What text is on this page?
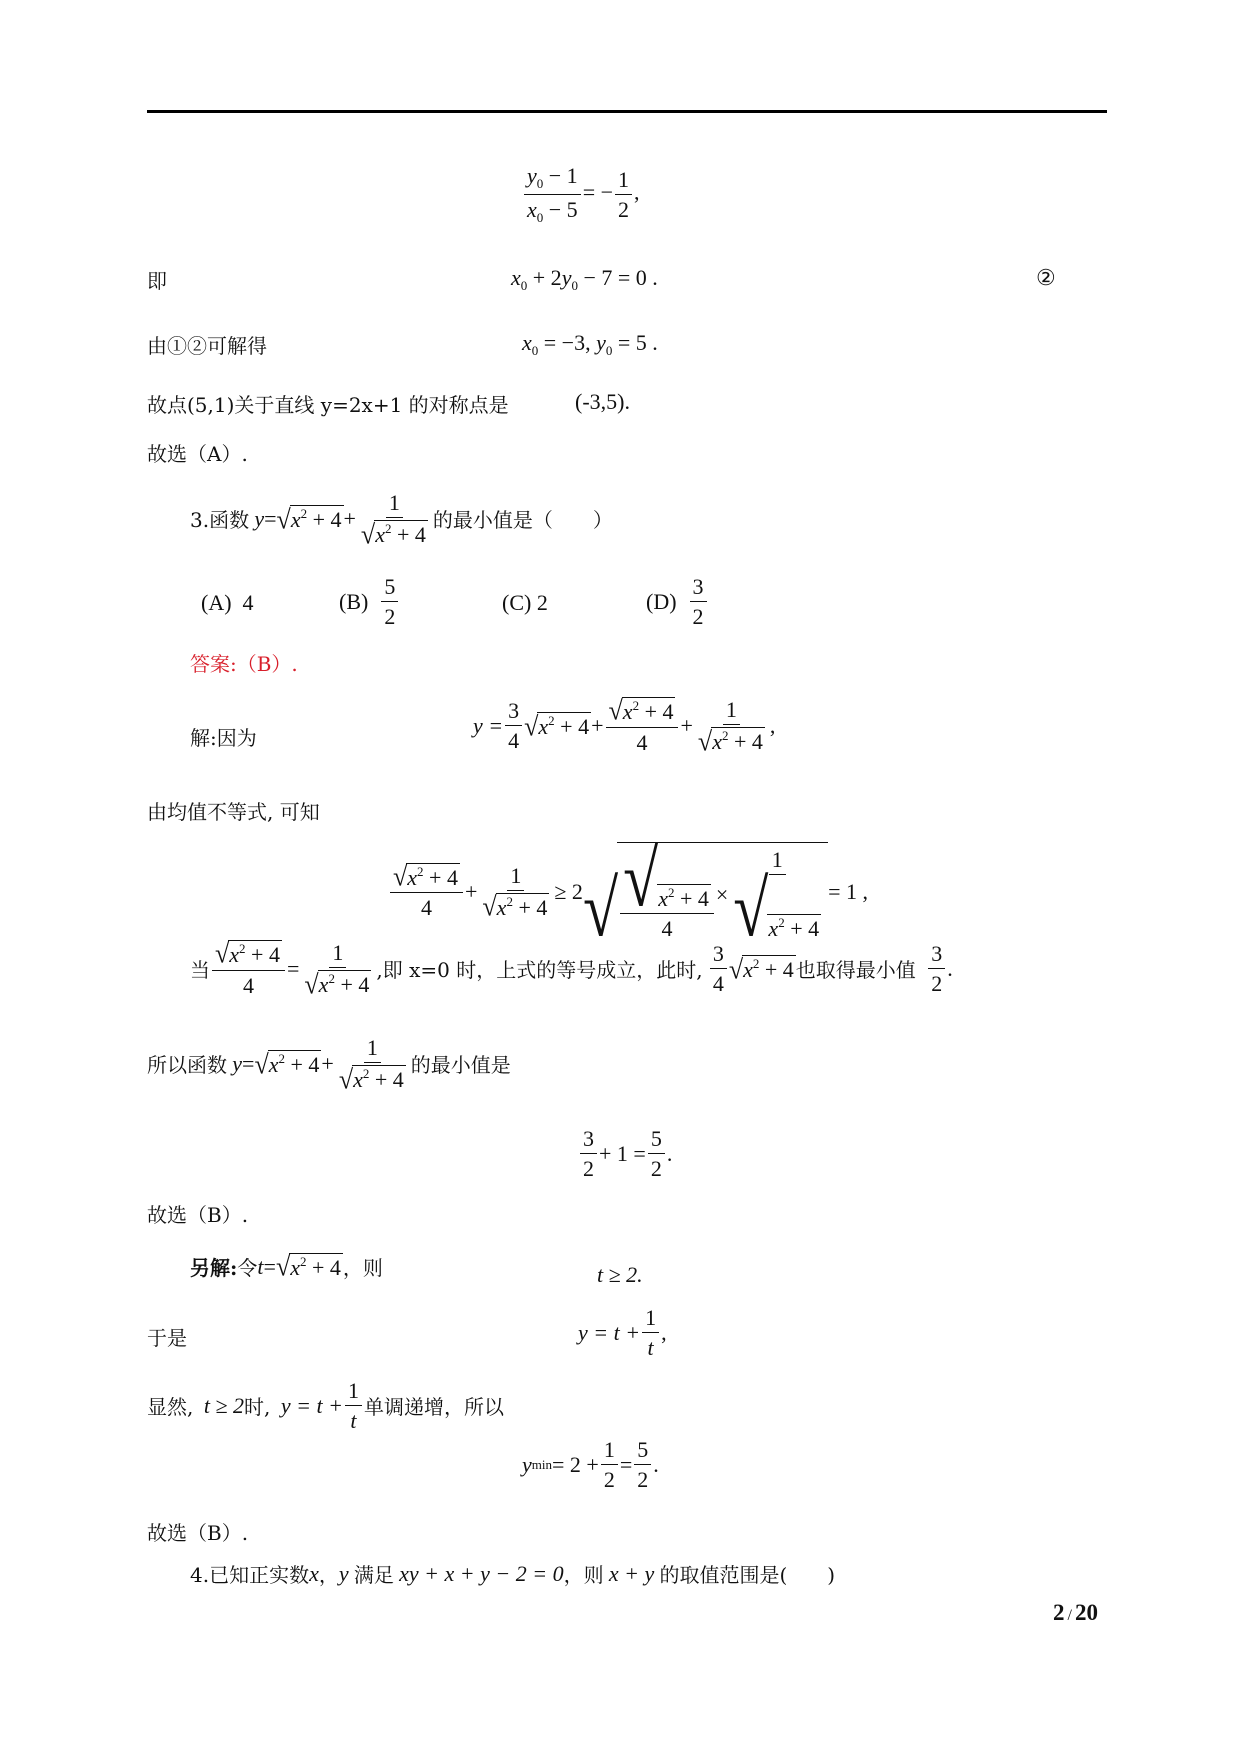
$\frac{y_0 - 1}{x_0 - 5}$ = − $\frac{1}{2}$ ,
即	$x_0 + 2y_0 - 7 = 0$ .	②
由①②可解得	$x_0 = -3$, $y_0 = 5$ .
故点(5,1)关于直线 y=2x+1 的对称点是	(-3,5).
故选（A）.
3.函数
y = √ $x^2 + 4 + \frac{1}{√ x^2 + 4}$ 的最小值是（　　）
(A) 4	(B)
$\frac{5}{2}$	(C) 2	(D)
$\frac{3}{2}$
答案:（B）.
解:因为
$y = \frac{3}{4}$ √ $x^2 + 4 + \frac{√ x^2 + 4}{4} + \frac{1}{√ x^2 + 4}$ ,
由均值不等式, 可知
$\frac{√ x^2 + 4}{4} + \frac{1}{√ x^2 + 4} \ge 2$ √ $\frac{√ x^2 + 4}{4} \times \frac{1}{√ x^2 + 4} = 1$ ,
当 $\frac{√ x^2 + 4}{4} = \frac{1}{√ x^2 + 4}$ ,即 x=0 时，上式的等号成立，此时,
$\frac{3}{4}$ √ $x^2 + 4$ 也取得最小值
$\frac{3}{2}$ .
所以函数
y = √ $x^2 + 4 + \frac{1}{√ x^2 + 4}$ 的最小值是
$\frac{3}{2} + 1 = \frac{5}{2}$ .
故选（B）.
另解: 令 t = √ $x^2 + 4$ ，则	t ≥ 2.
于是	$y = t + \frac{1}{t}$ ,
显然,
t ≥ 2 时,
$y = t + \frac{1}{t}$ 单调递增，所以
y $\min = 2 + \frac{1}{2} = \frac{5}{2}$ .
故选（B）.
4.已知正实数 x ， y
满足
xy + x + y − 2 = 0 ，则
x + y
的取值范围是(　　)
2 / 20
